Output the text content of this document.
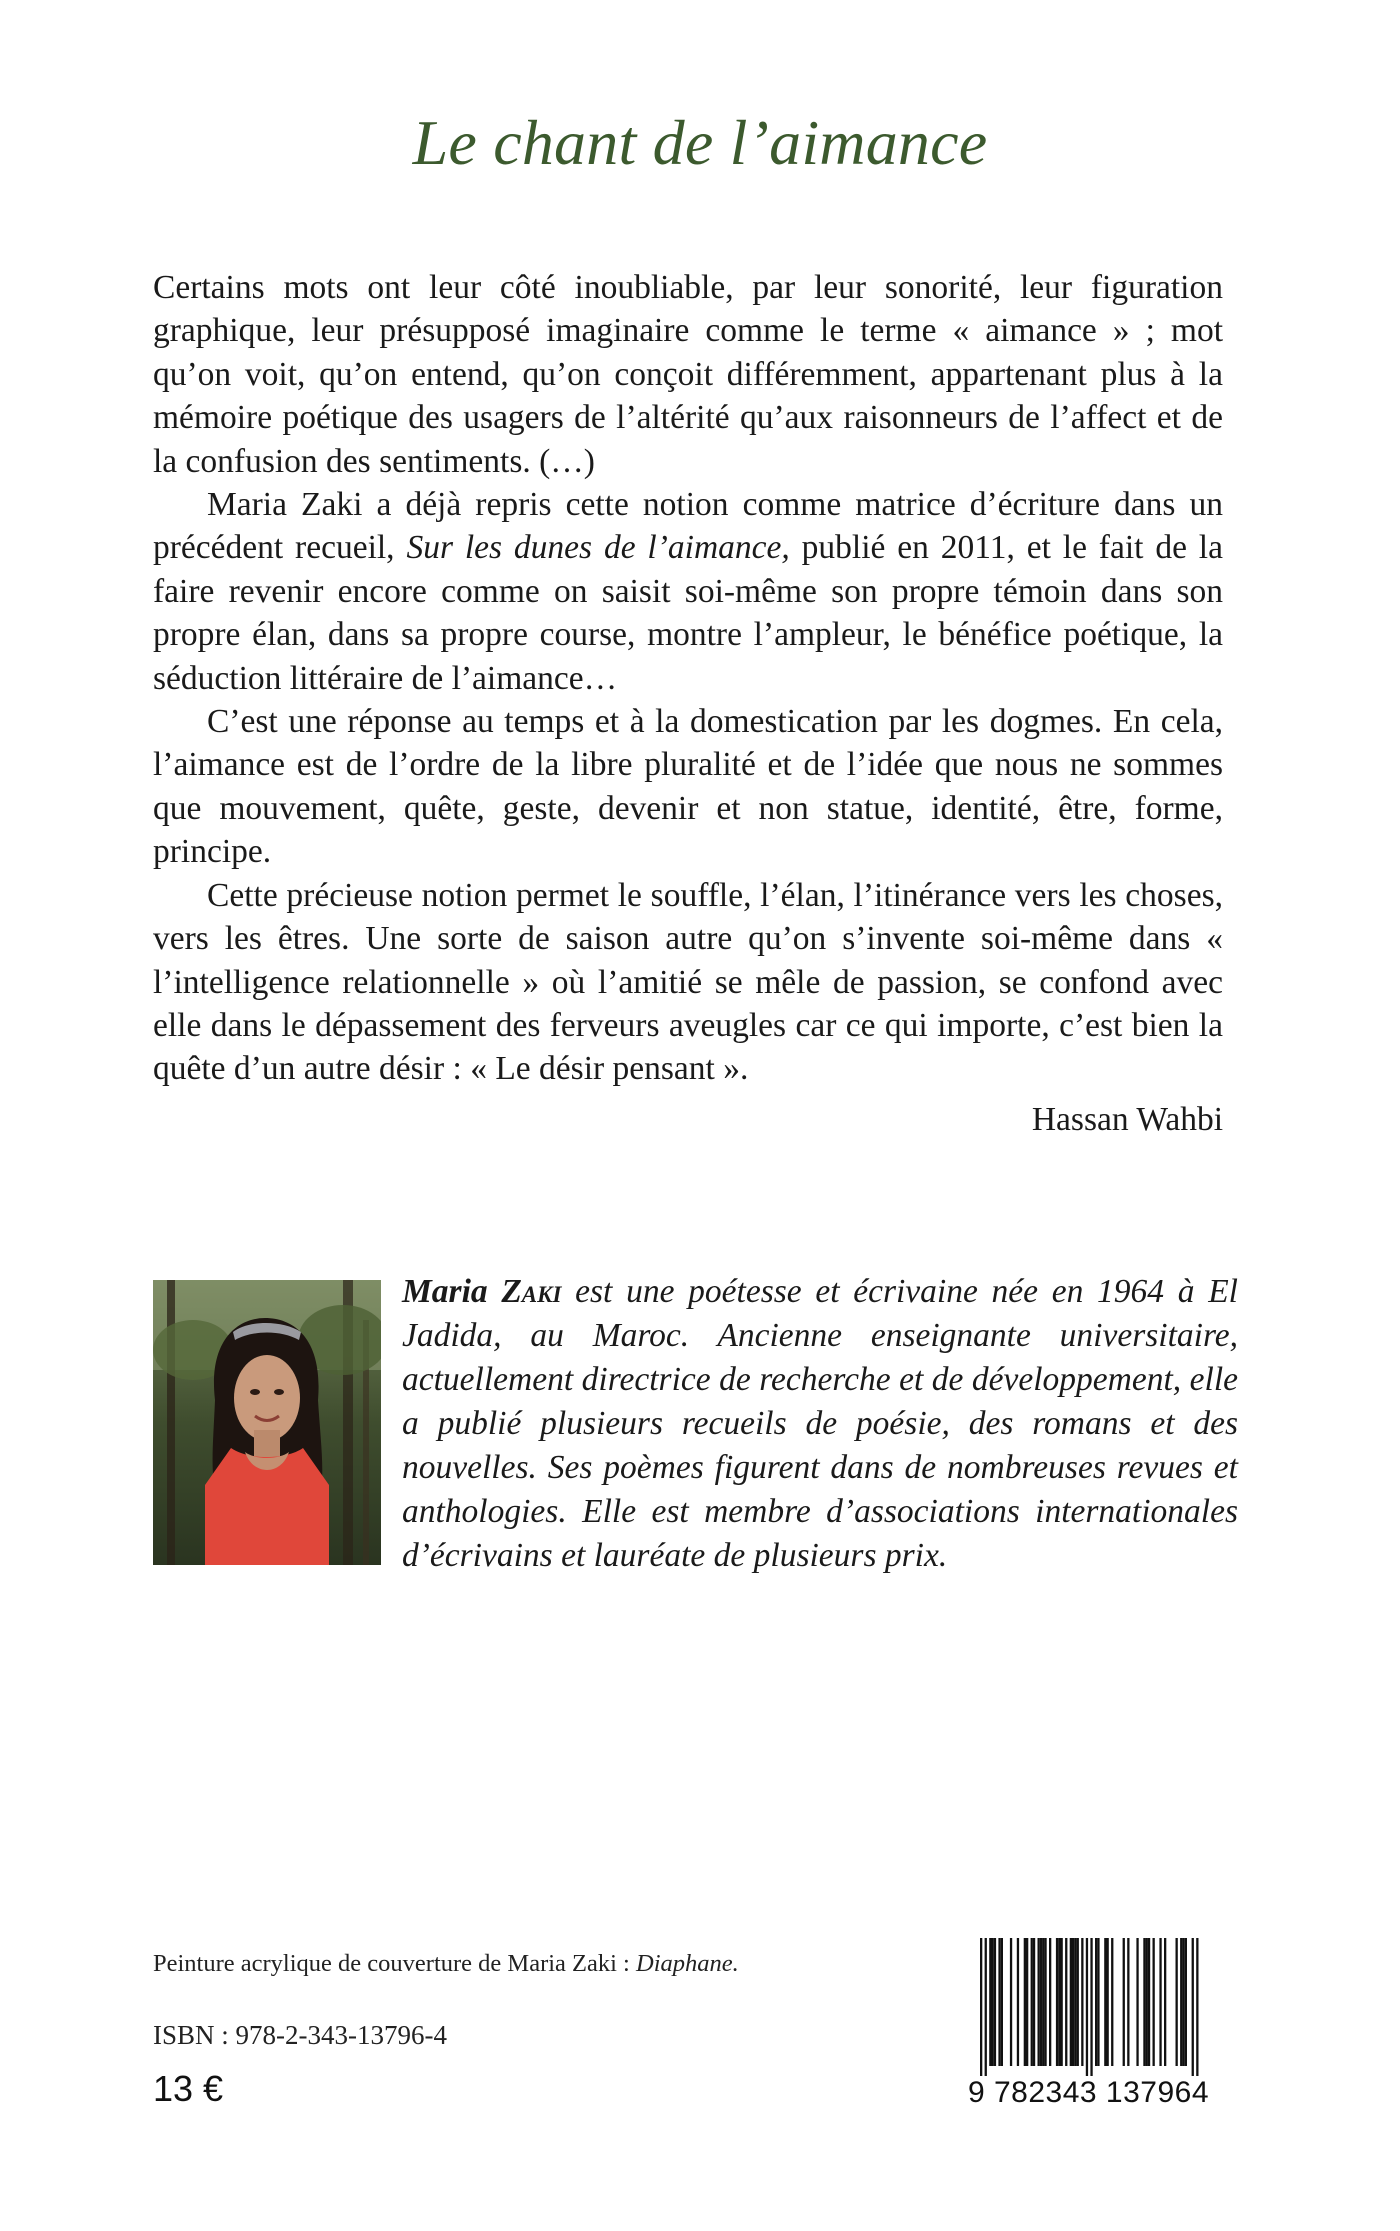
Le chant de l’aimance

Certains mots ont leur côté inoubliable, par leur sonorité, leur figuration graphique, leur présupposé imaginaire comme le terme « aimance » ; mot qu’on voit, qu’on entend, qu’on conçoit différemment, appartenant plus à la mémoire poétique des usagers de l’altérité qu’aux raisonneurs de l’affect et de la confusion des sentiments. (…)

Maria Zaki a déjà repris cette notion comme matrice d’écriture dans un précédent recueil, Sur les dunes de l’aimance, publié en 2011, et le fait de la faire revenir encore comme on saisit soi-même son propre témoin dans son propre élan, dans sa propre course, montre l’ampleur, le bénéfice poétique, la séduction littéraire de l’aimance…

C’est une réponse au temps et à la domestication par les dogmes. En cela, l’aimance est de l’ordre de la libre pluralité et de l’idée que nous ne sommes que mouvement, quête, geste, devenir et non statue, identité, être, forme, principe.

Cette précieuse notion permet le souffle, l’élan, l’itinérance vers les choses, vers les êtres. Une sorte de saison autre qu’on s’invente soi-même dans « l’intelligence relationnelle » où l’amitié se mêle de passion, se confond avec elle dans le dépassement des ferveurs aveugles car ce qui importe, c’est bien la quête d’un autre désir : « Le désir pensant ».

Hassan Wahbi

Maria Zaki est une poétesse et écrivaine née en 1964 à El Jadida, au Maroc. Ancienne enseignante universitaire, actuellement directrice de recherche et de développement, elle a publié plusieurs recueils de poésie, des romans et des nouvelles. Ses poèmes figurent dans de nombreuses revues et anthologies. Elle est membre d’associations internationales d’écrivains et lauréate de plusieurs prix.

Peinture acrylique de couverture de Maria Zaki : Diaphane.
ISBN : 978-2-343-13796-4
13 €	9 782343 137964
